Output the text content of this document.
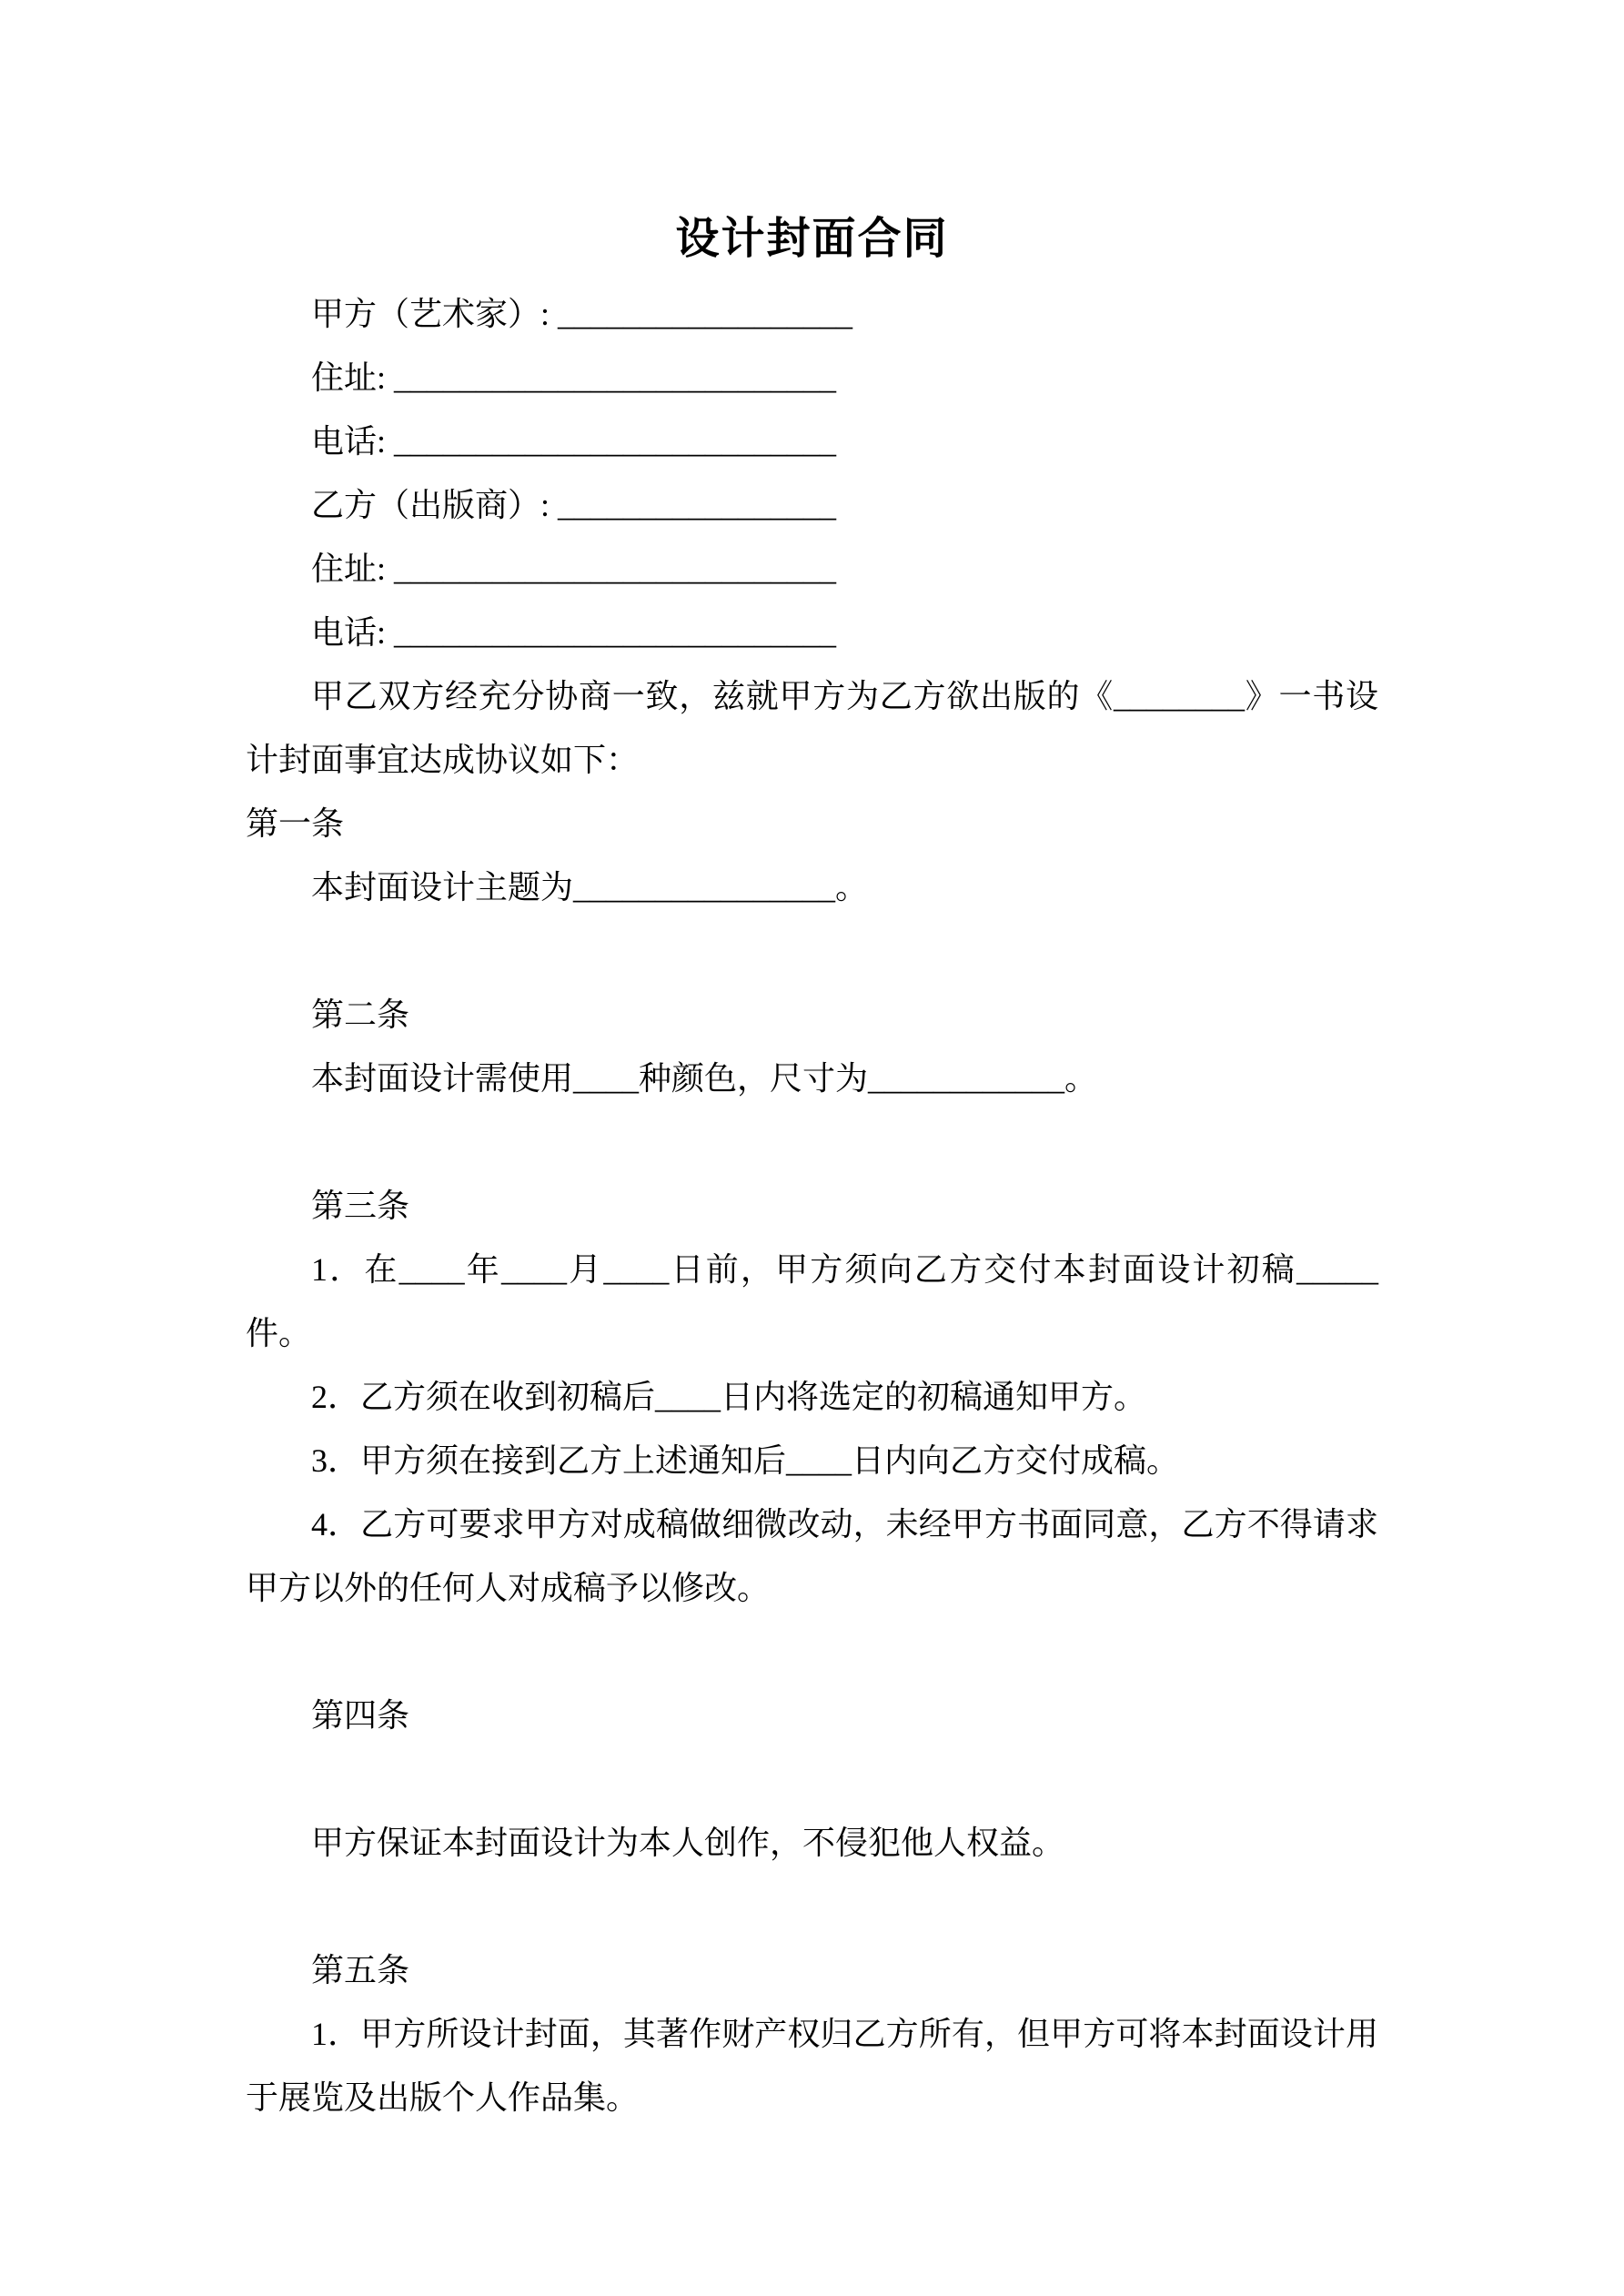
设计封面合同

甲方（艺术家）: __________________

住址: ___________________________

电话: ___________________________

乙方（出版商）: _________________

住址: ___________________________

电话: ___________________________

甲乙双方经充分协商一致，兹就甲方为乙方欲出版的《________》一书设计封面事宜达成协议如下：

第一条

本封面设计主题为________________。

第二条

本封面设计需使用____种颜色，尺寸为____________。

第三条

1．在____年____月____日前，甲方须向乙方交付本封面设计初稿_____件。

2．乙方须在收到初稿后____日内将选定的初稿通知甲方。

3．甲方须在接到乙方上述通知后____日内向乙方交付成稿。

4．乙方可要求甲方对成稿做细微改动，未经甲方书面同意，乙方不得请求甲方以外的任何人对成稿予以修改。

第四条

甲方保证本封面设计为本人创作，不侵犯他人权益。

第五条

1．甲方所设计封面，其著作财产权归乙方所有，但甲方可将本封面设计用于展览及出版个人作品集。
